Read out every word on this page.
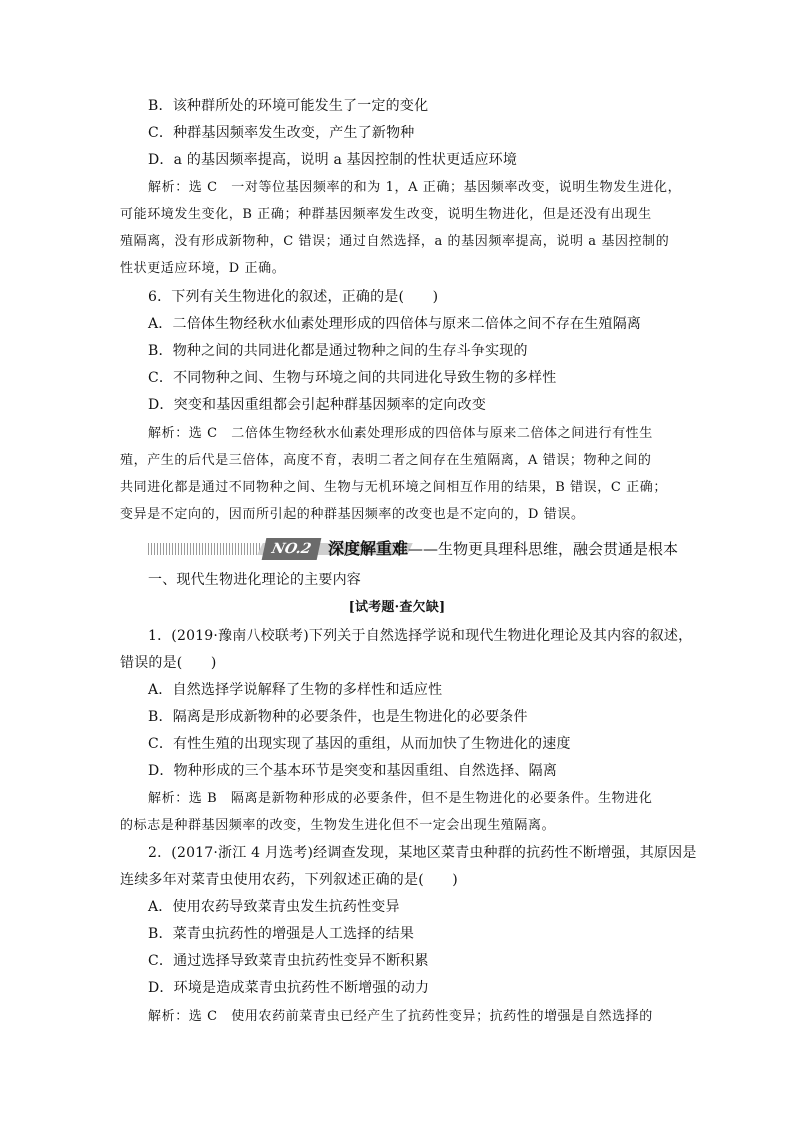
B．该种群所处的环境可能发生了一定的变化
C．种群基因频率发生改变，产生了新物种
D．a 的基因频率提高，说明 a 基因控制的性状更适应环境
解析：选 C　一对等位基因频率的和为 1，A 正确；基因频率改变，说明生物发生进化，
可能环境发生变化，B 正确；种群基因频率发生改变，说明生物进化，但是还没有出现生
殖隔离，没有形成新物种，C 错误；通过自然选择，a 的基因频率提高，说明 a 基因控制的
性状更适应环境，D 正确。
6．下列有关生物进化的叙述，正确的是(　　)
A．二倍体生物经秋水仙素处理形成的四倍体与原来二倍体之间不存在生殖隔离
B．物种之间的共同进化都是通过物种之间的生存斗争实现的
C．不同物种之间、生物与环境之间的共同进化导致生物的多样性
D．突变和基因重组都会引起种群基因频率的定向改变
解析：选 C　二倍体生物经秋水仙素处理形成的四倍体与原来二倍体之间进行有性生
殖，产生的后代是三倍体，高度不育，表明二者之间存在生殖隔离，A 错误；物种之间的
共同进化都是通过不同物种之间、生物与无机环境之间相互作用的结果，B 错误，C 正确；
变异是不定向的，因而所引起的种群基因频率的改变也是不定向的，D 错误。
NO.2 深度解重难——生物更具理科思维，融会贯通是根本
一、现代生物进化理论的主要内容
[试考题·查欠缺]
1．(2019·豫南八校联考)下列关于自然选择学说和现代生物进化理论及其内容的叙述，
错误的是(　　)
A．自然选择学说解释了生物的多样性和适应性
B．隔离是形成新物种的必要条件，也是生物进化的必要条件
C．有性生殖的出现实现了基因的重组，从而加快了生物进化的速度
D．物种形成的三个基本环节是突变和基因重组、自然选择、隔离
解析：选 B　隔离是新物种形成的必要条件，但不是生物进化的必要条件。生物进化
的标志是种群基因频率的改变，生物发生进化但不一定会出现生殖隔离。
2．(2017·浙江 4 月选考)经调查发现，某地区菜青虫种群的抗药性不断增强，其原因是
连续多年对菜青虫使用农药，下列叙述正确的是(　　)
A．使用农药导致菜青虫发生抗药性变异
B．菜青虫抗药性的增强是人工选择的结果
C．通过选择导致菜青虫抗药性变异不断积累
D．环境是造成菜青虫抗药性不断增强的动力
解析：选 C　使用农药前菜青虫已经产生了抗药性变异；抗药性的增强是自然选择的
